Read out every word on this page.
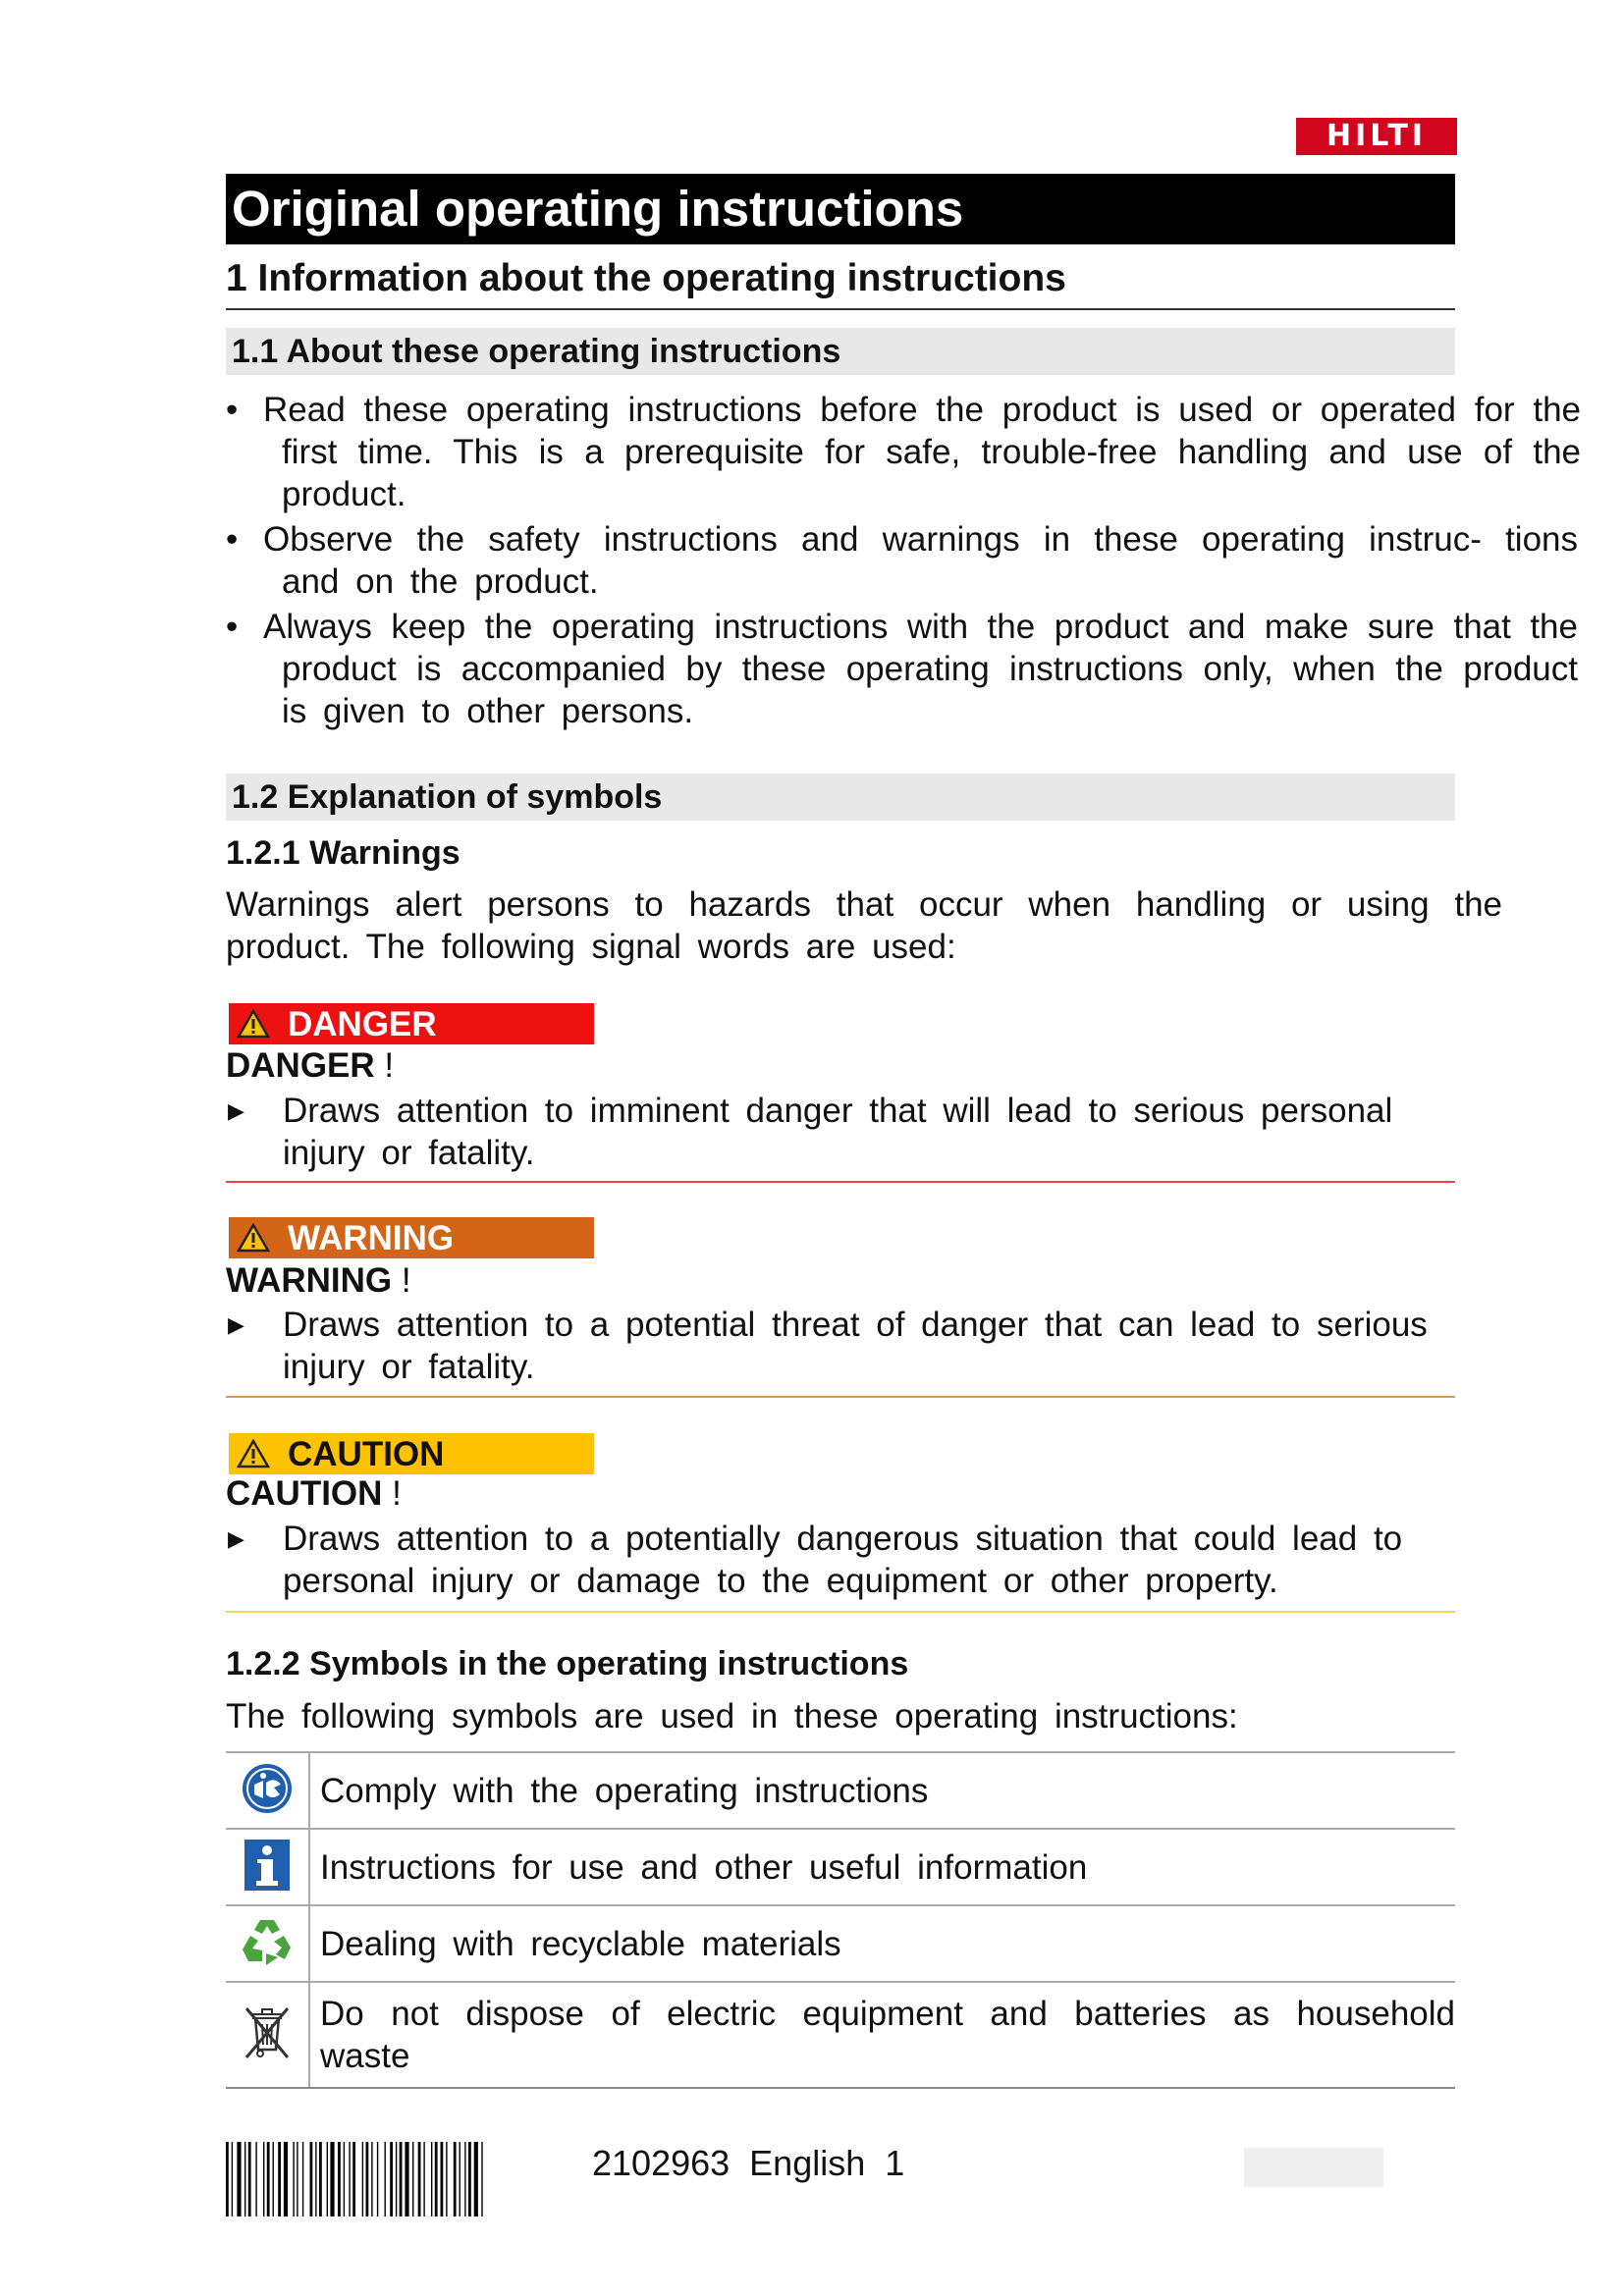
HILTI
Original operating instructions
1 Information about the operating instructions
1.1 About these operating instructions
• Read these operating instructions before the product is used or operated for the first time. This is a prerequisite for safe, trouble-free handling and use of the product.
• Observe the safety instructions and warnings in these operating instruc- tions and on the product.
• Always keep the operating instructions with the product and make sure that the product is accompanied by these operating instructions only, when the product is given to other persons.
1.2 Explanation of symbols
1.2.1 Warnings
Warnings alert persons to hazards that occur when handling or using the product. The following signal words are used:
DANGER
DANGER !
▶ Draws attention to imminent danger that will lead to serious personal injury or fatality.
WARNING
WARNING !
▶ Draws attention to a potential threat of danger that can lead to serious injury or fatality.
CAUTION
CAUTION !
▶ Draws attention to a potentially dangerous situation that could lead to personal injury or damage to the equipment or other property.
1.2.2 Symbols in the operating instructions
The following symbols are used in these operating instructions:
	Comply with the operating instructions
	Instructions for use and other useful information
	Dealing with recyclable materials
	Do not dispose of electric equipment and batteries as household waste
2102963 English 1
